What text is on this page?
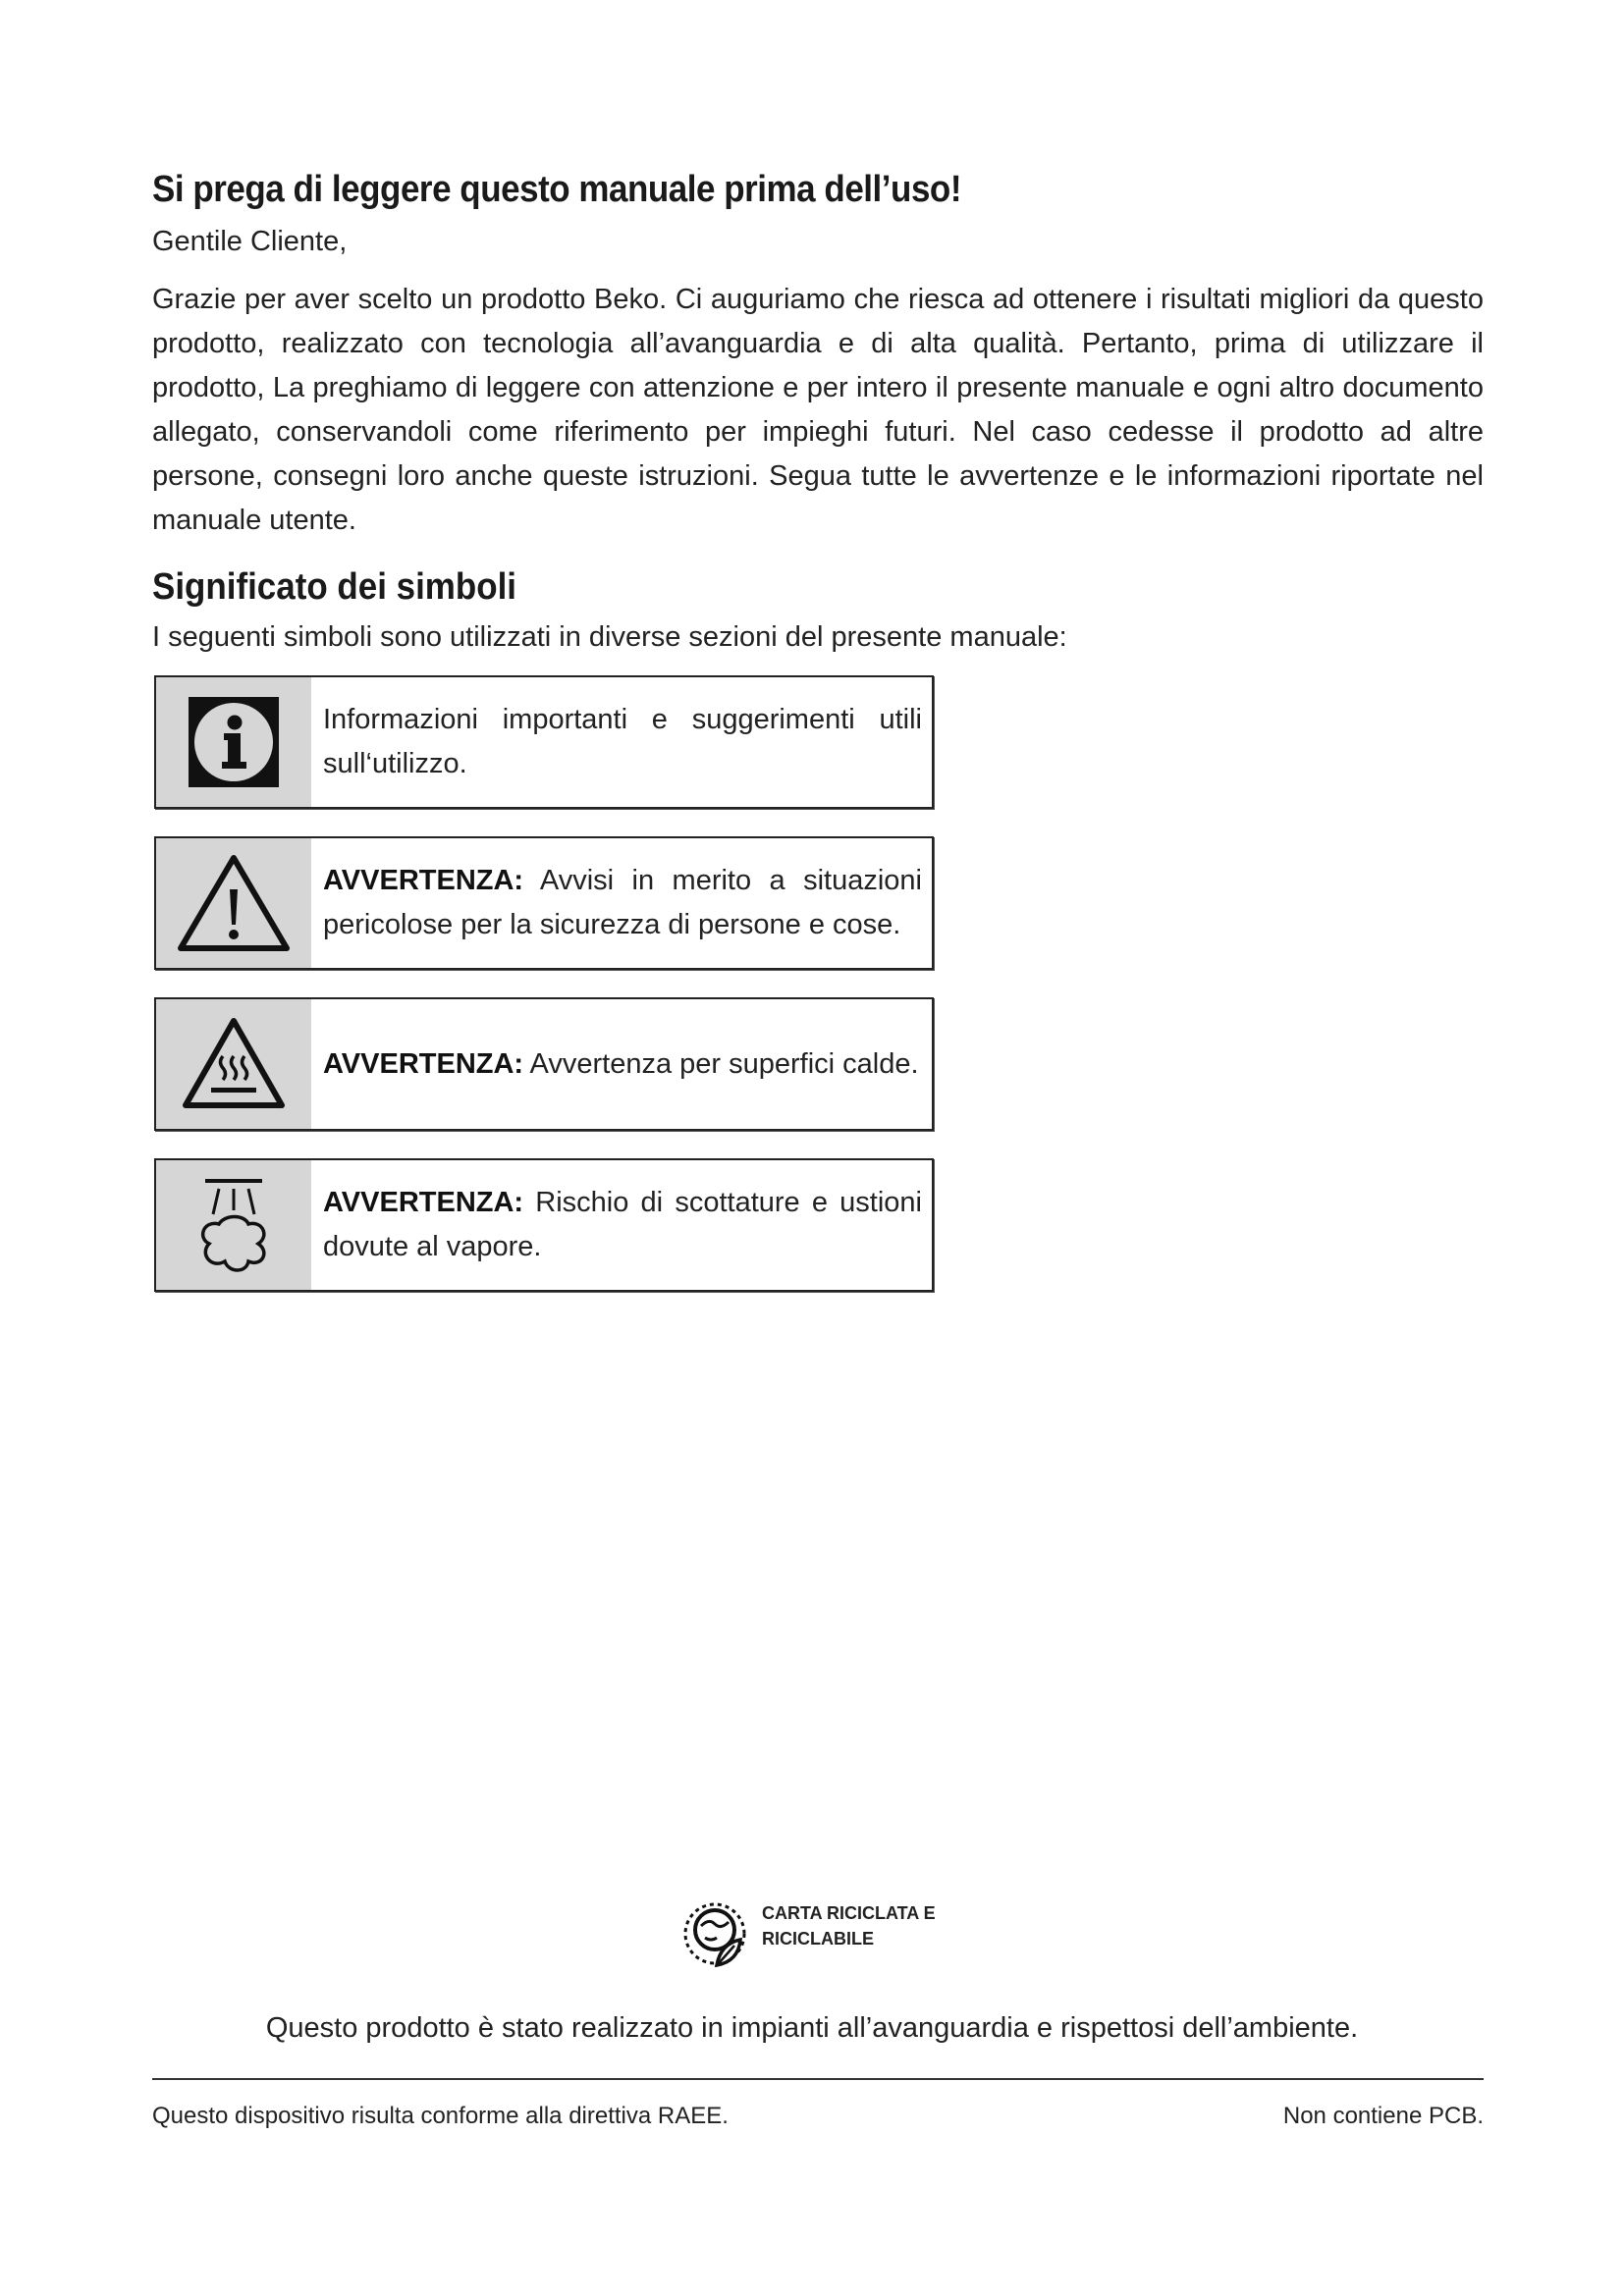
Si prega di leggere questo manuale prima dell’uso!

Gentile Cliente,

Grazie per aver scelto un prodotto Beko. Ci auguriamo che riesca ad ottenere i risultati migliori da questo prodotto, realizzato con tecnologia all’avanguardia e di alta qualità. Pertanto, prima di utilizzare il prodotto, La preghiamo di leggere con attenzione e per intero il presente manuale e ogni altro documento allegato, conservandoli come riferimento per impieghi futuri. Nel caso cedesse il prodotto ad altre persone, consegni loro anche queste istruzioni. Segua tutte le avvertenze e le informazioni riportate nel manuale utente.

Significato dei simboli

I seguenti simboli sono utilizzati in diverse sezioni del presente manuale:

Informazioni importanti e suggerimenti utili sull‘utilizzo.
AVVERTENZA: Avvisi in merito a situazioni pericolose per la sicurezza di persone e cose.
AVVERTENZA: Avvertenza per superfici calde.
AVVERTENZA: Rischio di scottature e ustioni dovute al vapore.
CARTA RICICLATA E
RICICLABILE
Questo prodotto è stato realizzato in impianti all’avanguardia e rispettosi dell’ambiente.
Questo dispositivo risulta conforme alla direttiva RAEE.	Non contiene PCB.
